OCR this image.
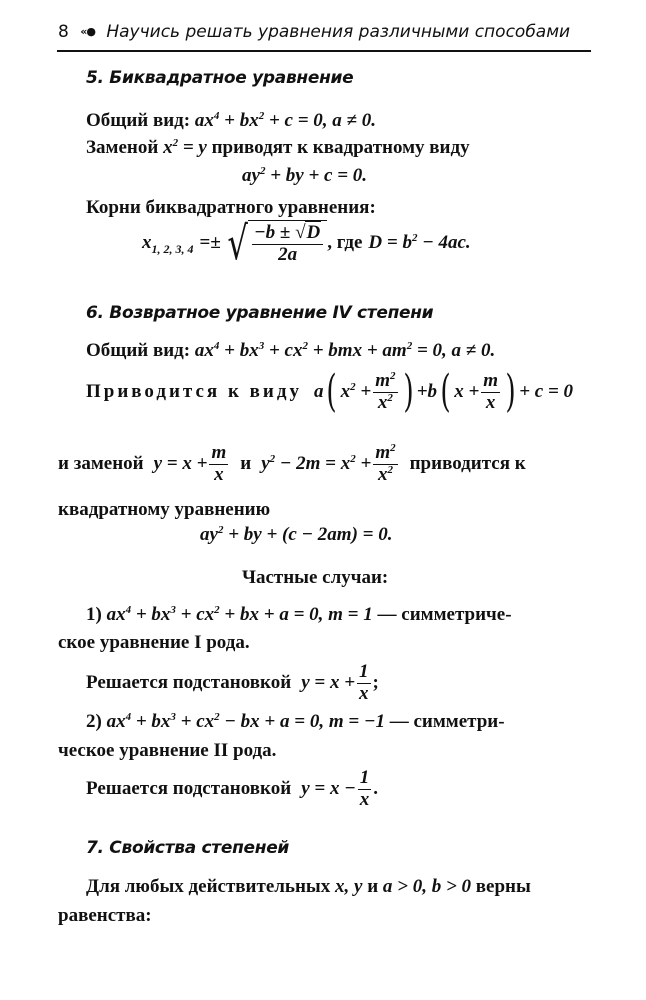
8 «● Научись решать уравнения различными способами
5. Биквадратное уравнение
Общий вид: $ax^4 + bx^2 + c = 0$, a ≠ 0.
Заменой $x^2 = y$ приводят к квадратному виду
$ay^2$ + by + c = 0.
Корни биквадратного уравнения:
$x_{1, 2, 3, 4}$ =± √ $\frac{-b \pm √D}{2a}$ , где $D = b^2 - 4ac$.
6. Возвратное уравнение IV степени
Общий вид: $ax^4 + bx^3 + cx^2$ + bmx + $am^2 = 0$, a ≠ 0.
Приводится к виду a ( $x^2 + \frac{m^2}{x^2}$ ) +b ( $x + \frac{m}{x}$ ) + c = 0
и заменой $y = x + \frac{m}{x}$ и $y^2 - 2m = x^2 + \frac{m^2}{x^2}$ приводится к
квадратному уравнению
$ay^2$ + by + (c − 2am) = 0.
Частные случаи:
1) $ax^4 + bx^3 + cx^2$ + bx + a = 0, m = 1 — симметриче-
ское уравнение I рода.
Решается подстановкой $y = x + \frac{1}{x}$ ;
2) $ax^4 + bx^3 + cx^2$ − bx + a = 0, m = −1 — симметри-
ческое уравнение II рода.
Решается подстановкой $y = x - \frac{1}{x}$ .
7. Свойства степеней
Для любых действительных x, y и a > 0, b > 0 верны
равенства:
